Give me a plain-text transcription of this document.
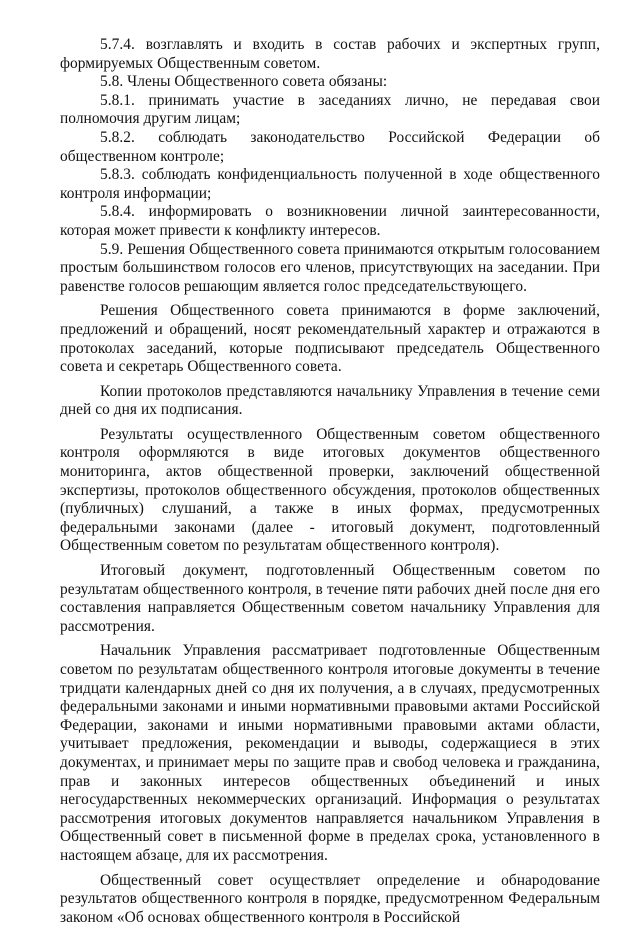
5.7.4. возглавлять и входить в состав рабочих и экспертных групп, формируемых Общественным советом.

5.8. Члены Общественного совета обязаны:

5.8.1. принимать участие в заседаниях лично, не передавая свои полномочия другим лицам;

5.8.2. соблюдать законодательство Российской Федерации об общественном контроле;

5.8.3. соблюдать конфиденциальность полученной в ходе общественного контроля информации;

5.8.4. информировать о возникновении личной заинтересованности, которая может привести к конфликту интересов.

5.9. Решения Общественного совета принимаются открытым голосованием простым большинством голосов его членов, присутствующих на заседании. При равенстве голосов решающим является голос председательствующего.

Решения Общественного совета принимаются в форме заключений, предложений и обращений, носят рекомендательный характер и отражаются в протоколах заседаний, которые подписывают председатель Общественного совета и секретарь Общественного совета.

Копии протоколов представляются начальнику Управления в течение семи дней со дня их подписания.

Результаты осуществленного Общественным советом общественного контроля оформляются в виде итоговых документов общественного мониторинга, актов общественной проверки, заключений общественной экспертизы, протоколов общественного обсуждения, протоколов общественных (публичных) слушаний, а также в иных формах, предусмотренных федеральными законами (далее - итоговый документ, подготовленный Общественным советом по результатам общественного контроля).

Итоговый документ, подготовленный Общественным советом по результатам общественного контроля, в течение пяти рабочих дней после дня его составления направляется Общественным советом начальнику Управления для рассмотрения.

Начальник Управления рассматривает подготовленные Общественным советом по результатам общественного контроля итоговые документы в течение тридцати календарных дней со дня их получения, а в случаях, предусмотренных федеральными законами и иными нормативными правовыми актами Российской Федерации, законами и иными нормативными правовыми актами области, учитывает предложения, рекомендации и выводы, содержащиеся в этих документах, и принимает меры по защите прав и свобод человека и гражданина, прав и законных интересов общественных объединений и иных негосударственных некоммерческих организаций. Информация о результатах рассмотрения итоговых документов направляется начальником Управления в Общественный совет в письменной форме в пределах срока, установленного в настоящем абзаце, для их рассмотрения.

Общественный совет осуществляет определение и обнародование результатов общественного контроля в порядке, предусмотренном Федеральным законом «Об основах общественного контроля в Российской
